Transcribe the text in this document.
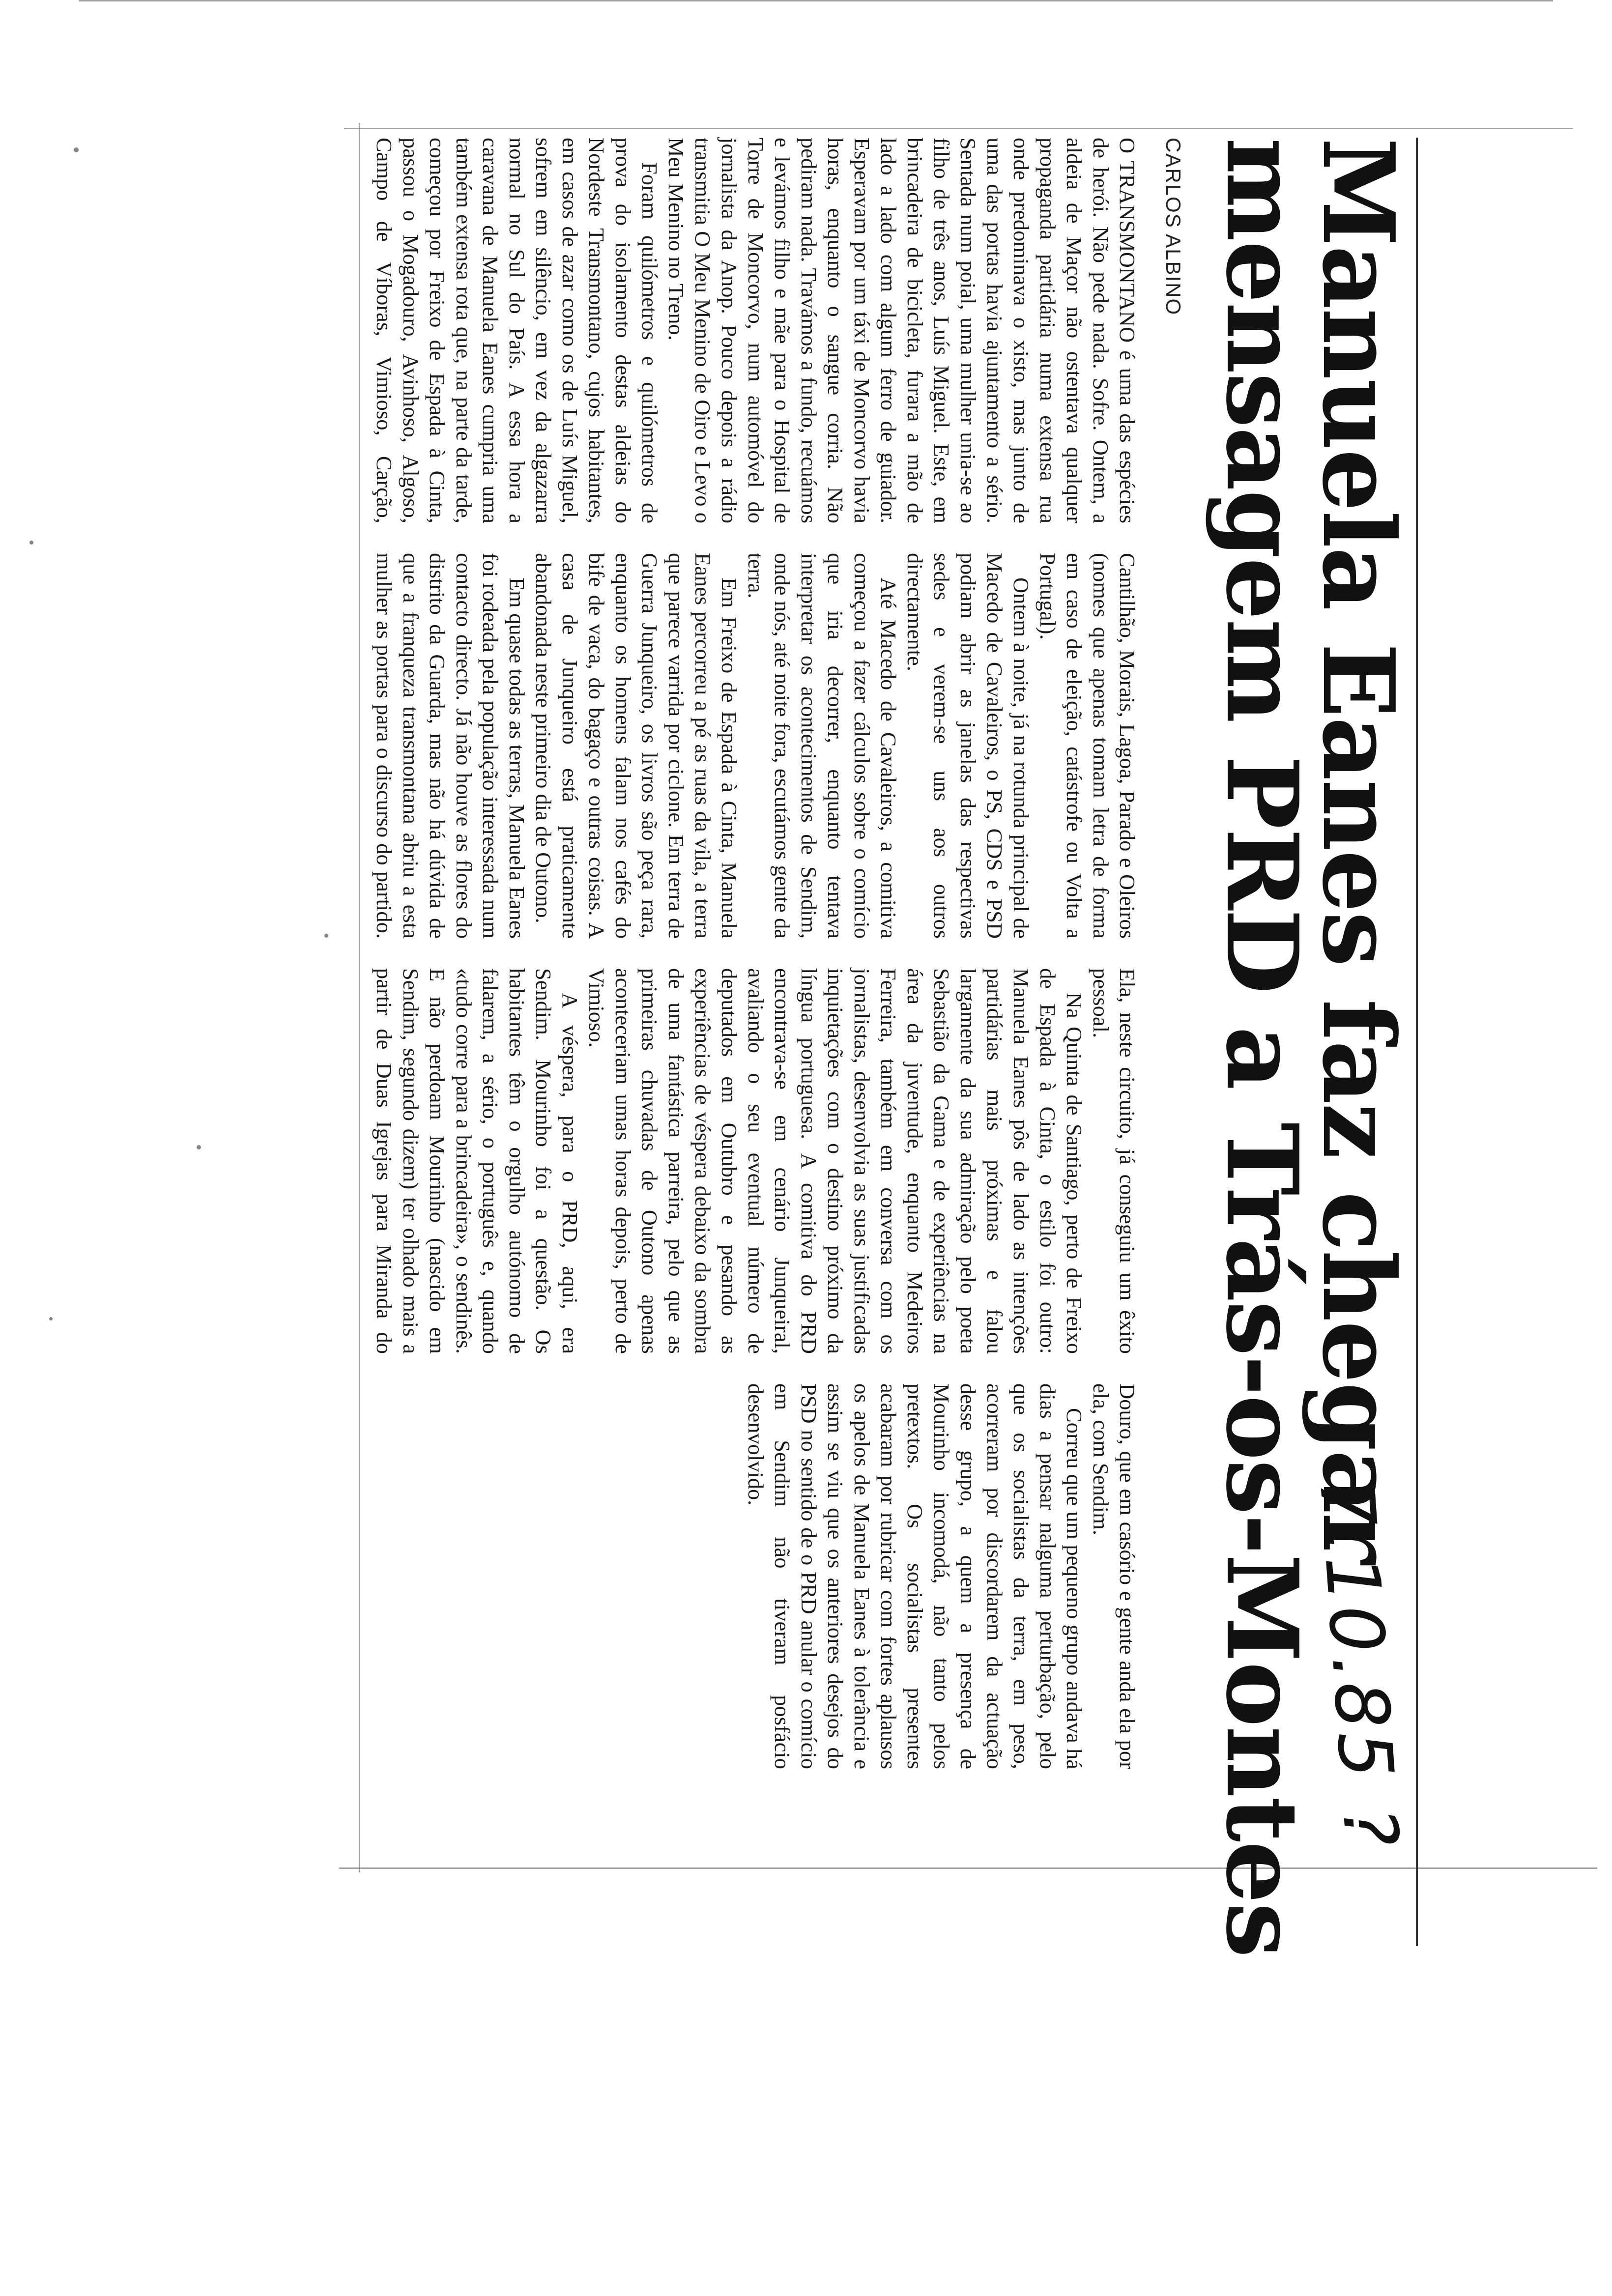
Manuela Eanes faz chegar
mensagem PRD a Trás-os-Montes
7.10.85 ?
CARLOS ALBINO

O TRANSMONTANO é uma das espécies de herói. Não pede nada. Sofre. Ontem, a aldeia de Maçor não ostentava qualquer propaganda partidária numa extensa rua onde predominava o xisto, mas junto de uma das portas havia ajuntamento a sério. Sentada num poial, uma mulher unia-se ao filho de três anos, Luís Miguel. Este, em brincadeira de bicicleta, furara a mão de lado a lado com algum ferro de guiador. Esperavam por um táxi de Moncorvo havia horas, enquanto o sangue corria. Não pediram nada. Travámos a fundo, recuámos e levámos filho e mãe para o Hospital de Torre de Moncorvo, num automóvel do jornalista da Anop. Pouco depois a rádio transmitia O Meu Menino de Oiro e Levo o Meu Menino no Treno.

Foram quilómetros e quilómetros de prova do isolamento destas aldeias do Nordeste Transmontano, cujos habitantes, em casos de azar como os de Luís Miguel, sofrem em silêncio, em vez da algazarra normal no Sul do País. A essa hora a caravana de Manuela Eanes cumpria uma também extensa rota que, na parte da tarde, começou por Freixo de Espada à Cinta, passou o Mogadouro, Avinhoso, Algoso, Campo de Víboras, Vimioso, Carção, Cantilhão, Morais, Lagoa, Parado e Oleiros (nomes que apenas tomam letra de forma em caso de eleição, catástrofe ou Volta a Portugal).

Ontem à noite, já na rotunda principal de Macedo de Cavaleiros, o PS, CDS e PSD podiam abrir as janelas das respectivas sedes e verem-se uns aos outros directamente.

Até Macedo de Cavaleiros, a comitiva começou a fazer cálculos sobre o comício que iria decorrer, enquanto tentava interpretar os acontecimentos de Sendim, onde nós, até noite fora, escutámos gente da terra.

Em Freixo de Espada à Cinta, Manuela Eanes percorreu a pé as ruas da vila, a terra que parece varrida por ciclone. Em terra de Guerra Junqueiro, os livros são peça rara, enquanto os homens falam nos cafés do bife de vaca, do bagaço e outras coisas. A casa de Junqueiro está praticamente abandonada neste primeiro dia de Outono.

Em quase todas as terras, Manuela Eanes foi rodeada pela população interessada num contacto directo. Já não houve as flores do distrito da Guarda, mas não há dúvida de que a franqueza transmontana abriu a esta mulher as portas para o discurso do partido. Ela, neste circuito, já conseguiu um êxito pessoal.

Na Quinta de Santiago, perto de Freixo de Espada à Cinta, o estilo foi outro: Manuela Eanes pôs de lado as intenções partidárias mais próximas e falou largamente da sua admiração pelo poeta Sebastião da Gama e de experiências na área da juventude, enquanto Medeiros Ferreira, também em conversa com os jornalistas, desenvolvia as suas justificadas inquietações com o destino próximo da língua portuguesa. A comitiva do PRD encontrava-se em cenário Junqueiral, avaliando o seu eventual número de deputados em Outubro e pesando as experiências de véspera debaixo da sombra de uma fantástica parreira, pelo que as primeiras chuvadas de Outono apenas aconteceriam umas horas depois, perto de Vimioso.

A véspera, para o PRD, aqui, era Sendim. Mourinho foi a questão. Os habitantes têm o orgulho autónomo de falarem, a sério, o português e, quando «tudo corre para a brincadeira», o sendinês. E não perdoam Mourinho (nascido em Sendim, segundo dizem) ter olhado mais a partir de Duas Igrejas para Miranda do Douro, que em casório e gente anda ela por ela, com Sendim.

Correu que um pequeno grupo andava há dias a pensar nalguma perturbação, pelo que os socialistas da terra, em peso, acorreram por discordarem da actuação desse grupo, a quem a presença de Mourinho incomodá, não tanto pelos pretextos. Os socialistas presentes acabaram por rubricar com fortes aplausos os apelos de Manuela Eanes à tolerância e assim se viu que os anteriores desejos do PSD no sentido de o PRD anular o comício em Sendim não tiveram posfácio desenvolvido.
